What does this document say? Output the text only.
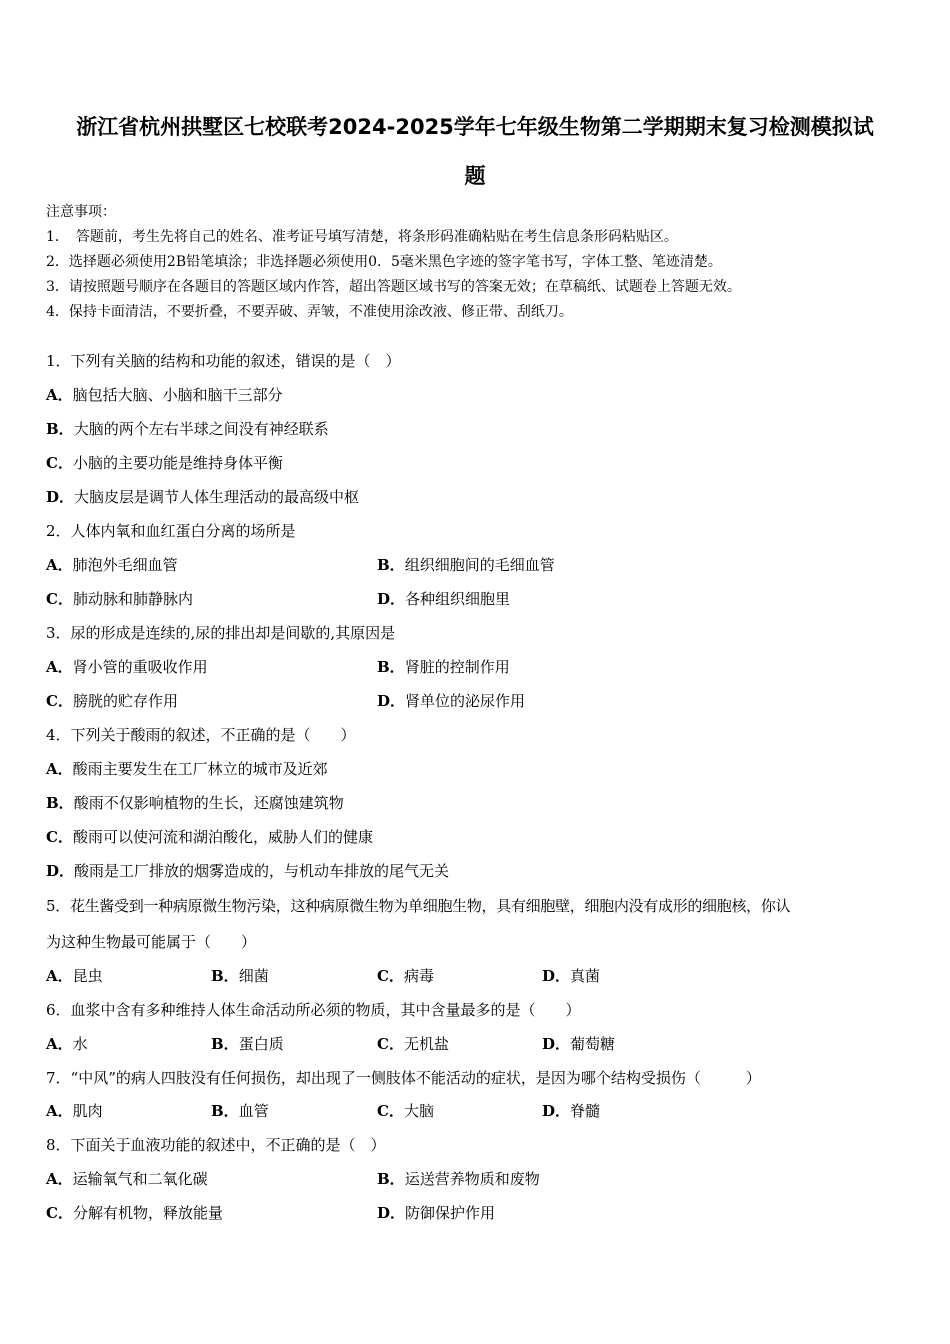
浙江省杭州拱墅区七校联考2024-2025学年七年级生物第二学期期末复习检测模拟试
题
注意事项：
1．　答题前，考生先将自己的姓名、准考证号填写清楚，将条形码准确粘贴在考生信息条形码粘贴区。
2．选择题必须使用2B铅笔填涂；非选择题必须使用0．5毫米黑色字迹的签字笔书写，字体工整、笔迹清楚。
3．请按照题号顺序在各题目的答题区域内作答，超出答题区域书写的答案无效；在草稿纸、试题卷上答题无效。
4．保持卡面清洁，不要折叠，不要弄破、弄皱，不准使用涂改液、修正带、刮纸刀。
1．下列有关脑的结构和功能的叙述，错误的是（　）
A．脑包括大脑、小脑和脑干三部分
B．大脑的两个左右半球之间没有神经联系
C．小脑的主要功能是维持身体平衡
D．大脑皮层是调节人体生理活动的最高级中枢
2．人体内氧和血红蛋白分离的场所是
A．肺泡外毛细血管	B．组织细胞间的毛细血管
C．肺动脉和肺静脉内	D．各种组织细胞里
3．尿的形成是连续的,尿的排出却是间歇的,其原因是
A．肾小管的重吸收作用	B．肾脏的控制作用
C．膀胱的贮存作用	D．肾单位的泌尿作用
4．下列关于酸雨的叙述，不正确的是（　　）
A．酸雨主要发生在工厂林立的城市及近郊
B．酸雨不仅影响植物的生长，还腐蚀建筑物
C．酸雨可以使河流和湖泊酸化，威胁人们的健康
D．酸雨是工厂排放的烟雾造成的，与机动车排放的尾气无关
5．花生酱受到一种病原微生物污染，这种病原微生物为单细胞生物，具有细胞壁，细胞内没有成形的细胞核，你认
为这种生物最可能属于（　　）
A．昆虫	B．细菌	C．病毒	D．真菌
6．血浆中含有多种维持人体生命活动所必须的物质，其中含量最多的是（　　）
A．水	B．蛋白质	C．无机盐	D．葡萄糖
7．“中风”的病人四肢没有任何损伤，却出现了一侧肢体不能活动的症状，是因为哪个结构受损伤（　　　）
A．肌肉	B．血管	C．大脑	D．脊髓
8．下面关于血液功能的叙述中，不正确的是（　）
A．运输氧气和二氧化碳	B．运送营养物质和废物
C．分解有机物，释放能量	D．防御保护作用
